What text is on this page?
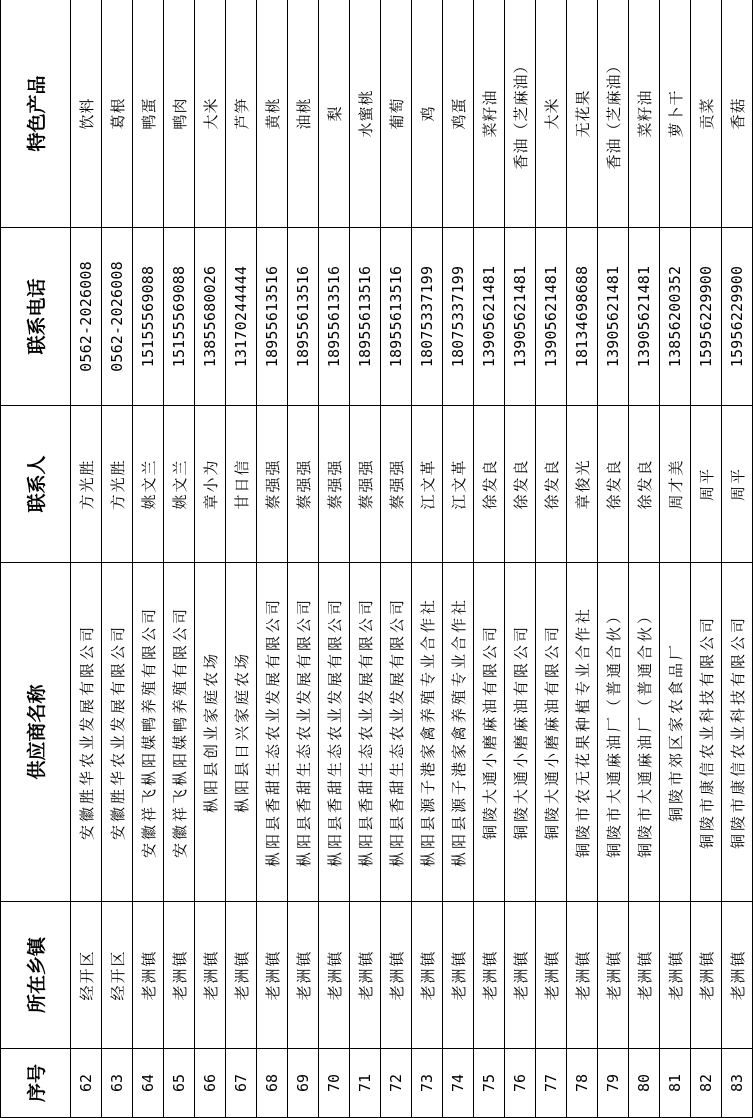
序号	所在乡镇	供应商名称	联系人	联系电话	特色产品
62	经开区	安徽胜华农业发展有限公司	方光胜	0562-2026008	饮料
63	经开区	安徽胜华农业发展有限公司	方光胜	0562-2026008	葛根
64	老洲镇	安徽祥飞枞阳媒鸭养殖有限公司	姚文兰	15155569088	鸭蛋
65	老洲镇	安徽祥飞枞阳媒鸭养殖有限公司	姚文兰	15155569088	鸭肉
66	老洲镇	枞阳县创业家庭农场	章小为	13855680026	大米
67	老洲镇	枞阳县日兴家庭农场	甘日信	13170244444	芦笋
68	老洲镇	枞阳县香甜生态农业发展有限公司	蔡强强	18955613516	黄桃
69	老洲镇	枞阳县香甜生态农业发展有限公司	蔡强强	18955613516	油桃
70	老洲镇	枞阳县香甜生态农业发展有限公司	蔡强强	18955613516	梨
71	老洲镇	枞阳县香甜生态农业发展有限公司	蔡强强	18955613516	水蜜桃
72	老洲镇	枞阳县香甜生态农业发展有限公司	蔡强强	18955613516	葡萄
73	老洲镇	枞阳县源子港家禽养殖专业合作社	江文革	18075337199	鸡
74	老洲镇	枞阳县源子港家禽养殖专业合作社	江文革	18075337199	鸡蛋
75	老洲镇	铜陵大通小磨麻油有限公司	徐发良	13905621481	菜籽油
76	老洲镇	铜陵大通小磨麻油有限公司	徐发良	13905621481	香油（芝麻油）
77	老洲镇	铜陵大通小磨麻油有限公司	徐发良	13905621481	大米
78	老洲镇	铜陵市农无花果种植专业合作社	章俊光	18134698688	无花果
79	老洲镇	铜陵市大通麻油厂（普通合伙）	徐发良	13905621481	香油（芝麻油）
80	老洲镇	铜陵市大通麻油厂（普通合伙）	徐发良	13905621481	菜籽油
81	老洲镇	铜陵市郊区家农食品厂	周才美	13856200352	萝卜干
82	老洲镇	铜陵市康信农业科技有限公司	周平	15956229900	贡菜
83	老洲镇	铜陵市康信农业科技有限公司	周平	15956229900	香菇
